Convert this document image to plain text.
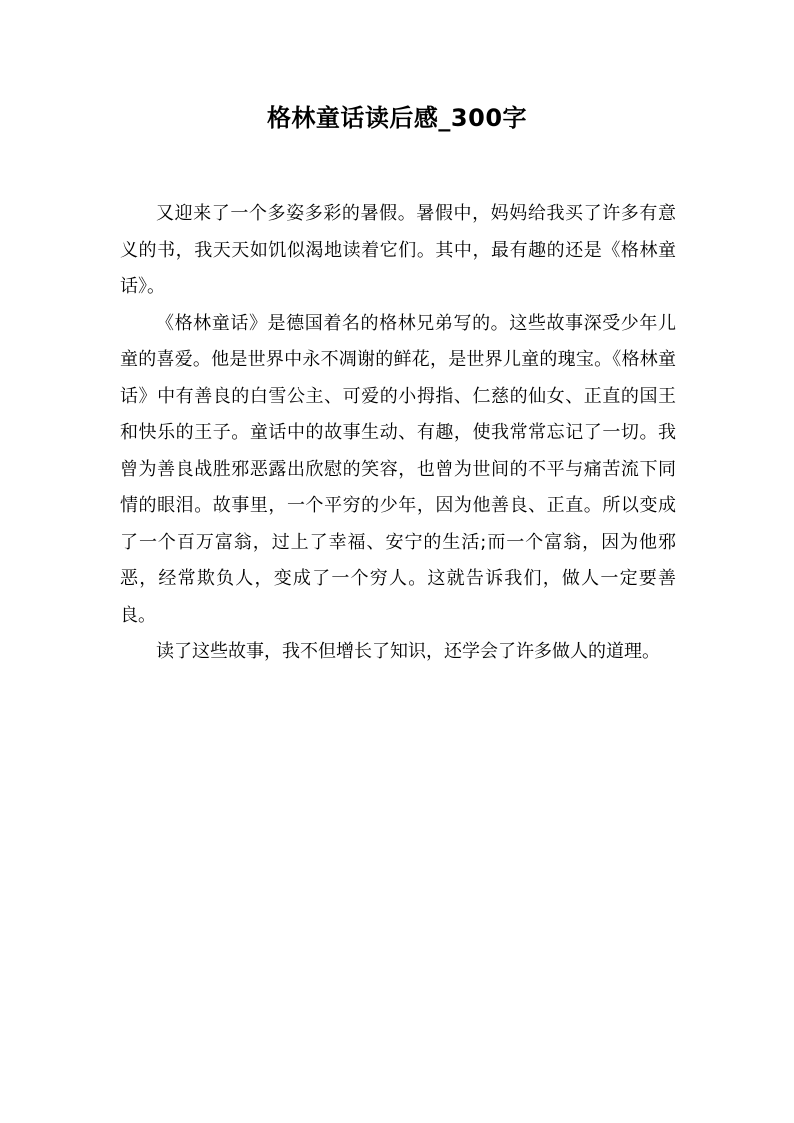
格林童话读后感_300字

又迎来了一个多姿多彩的暑假。暑假中，妈妈给我买了许多有意义的书，我天天如饥似渴地读着它们。其中，最有趣的还是《格林童话》。

《格林童话》是德国着名的格林兄弟写的。这些故事深受少年儿童的喜爱。他是世界中永不凋谢的鲜花，是世界儿童的瑰宝。《格林童话》中有善良的白雪公主、可爱的小拇指、仁慈的仙女、正直的国王和快乐的王子。童话中的故事生动、有趣，使我常常忘记了一切。我曾为善良战胜邪恶露出欣慰的笑容，也曾为世间的不平与痛苦流下同情的眼泪。故事里，一个平穷的少年，因为他善良、正直。所以变成了一个百万富翁，过上了幸福、安宁的生活;而一个富翁，因为他邪恶，经常欺负人，变成了一个穷人。这就告诉我们，做人一定要善良。

读了这些故事，我不但增长了知识，还学会了许多做人的道理。
